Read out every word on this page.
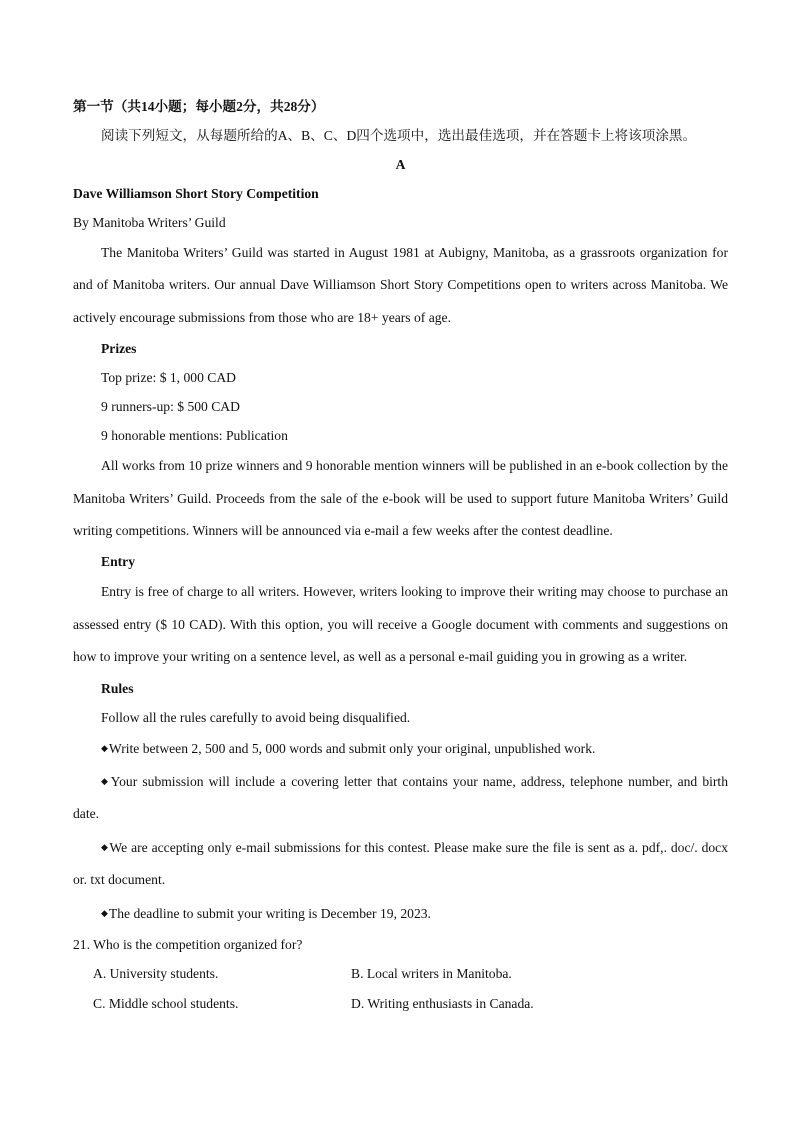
第一节（共14小题；每小题2分，共28分）
阅读下列短文，从每题所给的A、B、C、D四个选项中，选出最佳选项，并在答题卡上将该项涂黑。
A
Dave Williamson Short Story Competition
By Manitoba Writers’ Guild
The Manitoba Writers’ Guild was started in August 1981 at Aubigny, Manitoba, as a grassroots organization for and of Manitoba writers. Our annual Dave Williamson Short Story Competitions open to writers across Manitoba. We actively encourage submissions from those who are 18+ years of age.
Prizes
Top prize: $ 1, 000 CAD
9 runners-up: $ 500 CAD
9 honorable mentions: Publication
All works from 10 prize winners and 9 honorable mention winners will be published in an e-book collection by the Manitoba Writers’ Guild. Proceeds from the sale of the e-book will be used to support future Manitoba Writers’ Guild writing competitions. Winners will be announced via e-mail a few weeks after the contest deadline.
Entry
Entry is free of charge to all writers. However, writers looking to improve their writing may choose to purchase an assessed entry ($ 10 CAD). With this option, you will receive a Google document with comments and suggestions on how to improve your writing on a sentence level, as well as a personal e-mail guiding you in growing as a writer.
Rules
Follow all the rules carefully to avoid being disqualified.
◆Write between 2, 500 and 5, 000 words and submit only your original, unpublished work.
◆Your submission will include a covering letter that contains your name, address, telephone number, and birth date.
◆We are accepting only e-mail submissions for this contest. Please make sure the file is sent as a. pdf,. doc/. docx or. txt document.
◆The deadline to submit your writing is December 19, 2023.
21. Who is the competition organized for?
A. University students.	B. Local writers in Manitoba.
C. Middle school students.	D. Writing enthusiasts in Canada.
